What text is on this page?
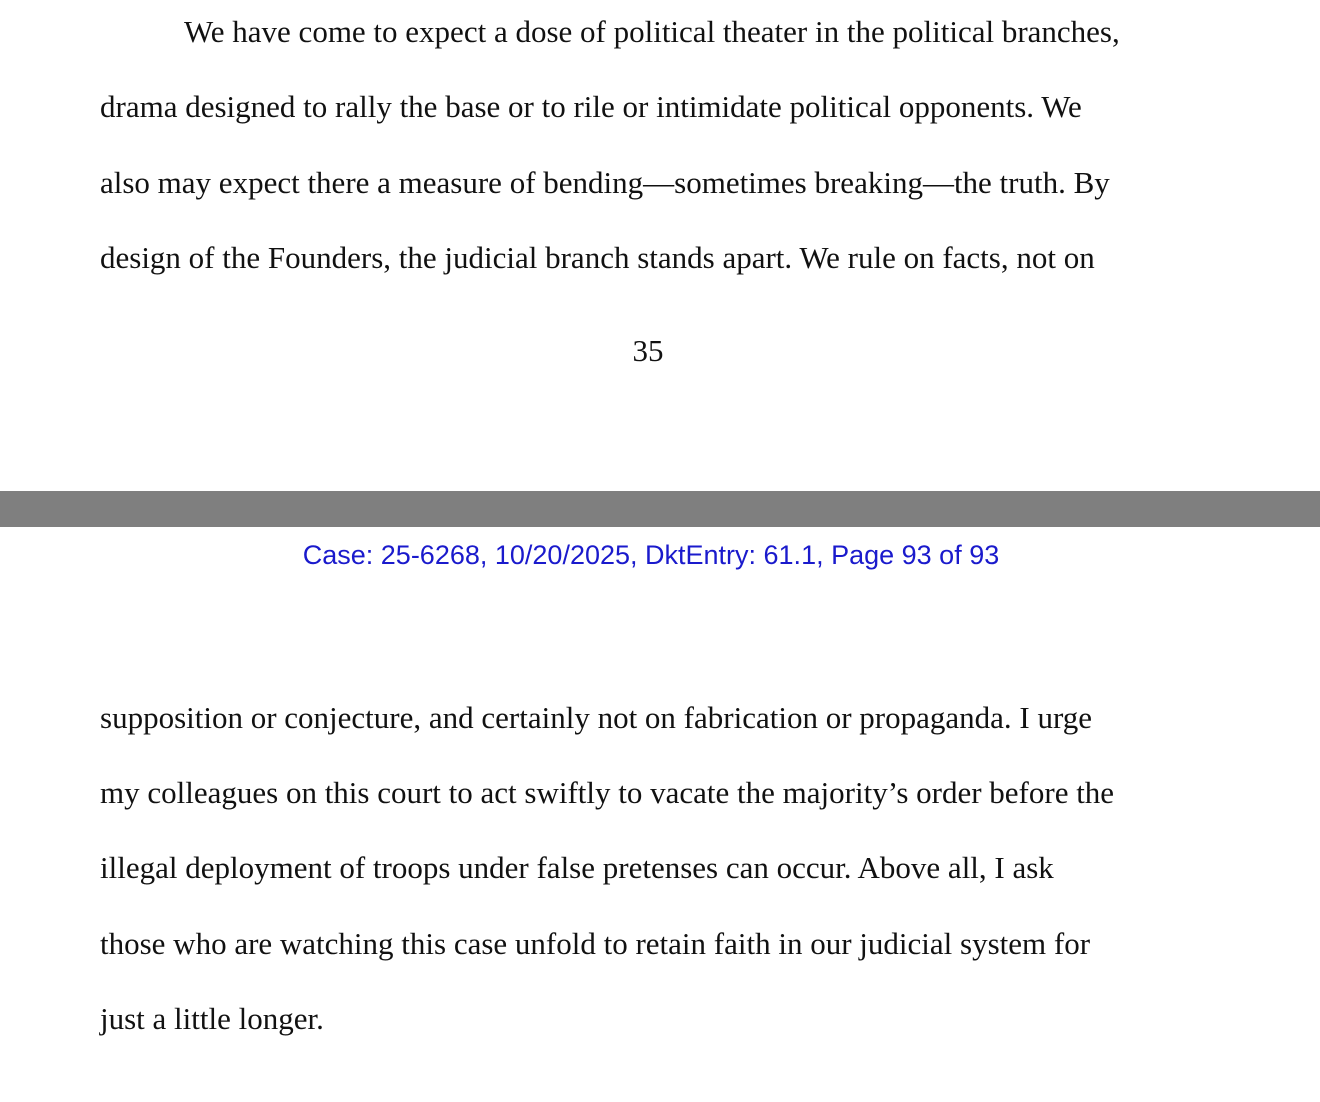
We have come to expect a dose of political theater in the political branches,
drama designed to rally the base or to rile or intimidate political opponents. We
also may expect there a measure of bending—sometimes breaking—the truth. By
design of the Founders, the judicial branch stands apart. We rule on facts, not on
35
Case: 25-6268, 10/20/2025, DktEntry: 61.1, Page 93 of 93
supposition or conjecture, and certainly not on fabrication or propaganda. I urge
my colleagues on this court to act swiftly to vacate the majority’s order before the
illegal deployment of troops under false pretenses can occur. Above all, I ask
those who are watching this case unfold to retain faith in our judicial system for
just a little longer.
